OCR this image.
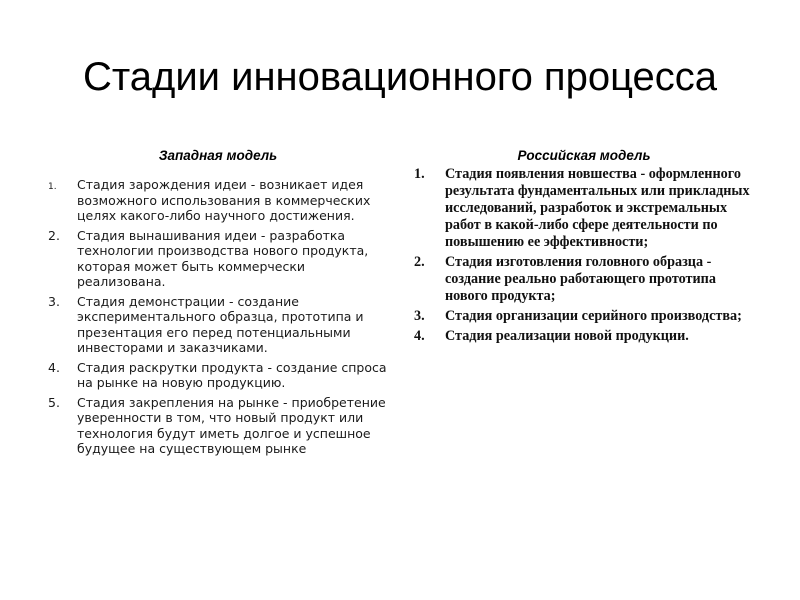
Стадии инновационного процесса
Западная модель	Российская модель
1. Стадия зарождения идеи - возникает идея возможного использования в коммерческих целях какого-либо научного достижения.
2. Стадия вынашивания идеи - разработка технологии производства нового продукта, которая может быть коммерчески реализована.
3. Стадия демонстрации - создание экспериментального образца, прототипа и презентация его перед потенциальными инвесторами и заказчиками.
4. Стадия раскрутки продукта - создание спроса на рынке на новую продукцию.
5. Стадия закрепления на рынке - приобретение уверенности в том, что новый продукт или технология будут иметь долгое и успешное будущее на существующем рынке
1. Стадия появления новшества - оформленного результата фундаментальных или прикладных исследований, разработок и экстремальных работ в какой-либо сфере деятельности по повышению ее эффективности;
2. Стадия изготовления головного образца - создание реально работающего прототипа нового продукта;
3. Стадия организации серийного производства;
4. Стадия реализации новой продукции.
